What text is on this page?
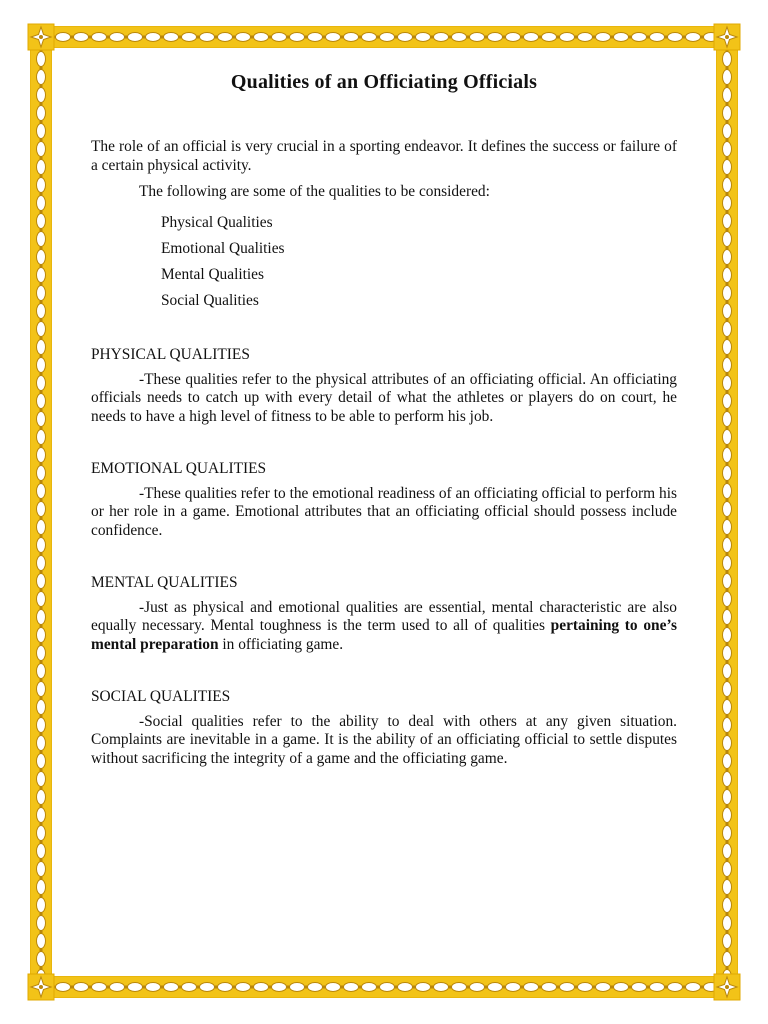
Qualities of an Officiating Officials

The role of an official is very crucial in a sporting endeavor. It defines the success or failure of a certain physical activity.

The following are some of the qualities to be considered:

Physical Qualities
Emotional Qualities
Mental Qualities
Social Qualities

PHYSICAL QUALITIES

-These qualities refer to the physical attributes of an officiating official. An officiating officials needs to catch up with every detail of what the athletes or players do on court, he needs to have a high level of fitness to be able to perform his job.

EMOTIONAL QUALITIES

-These qualities refer to the emotional readiness of an officiating official to perform his or her role in a game. Emotional attributes that an officiating official should possess include confidence.

MENTAL QUALITIES

-Just as physical and emotional qualities are essential, mental characteristic are also equally necessary. Mental toughness is the term used to all of qualities pertaining to one’s mental preparation in officiating game.

SOCIAL QUALITIES

-Social qualities refer to the ability to deal with others at any given situation. Complaints are inevitable in a game. It is the ability of an officiating official to settle disputes without sacrificing the integrity of a game and the officiating game.
